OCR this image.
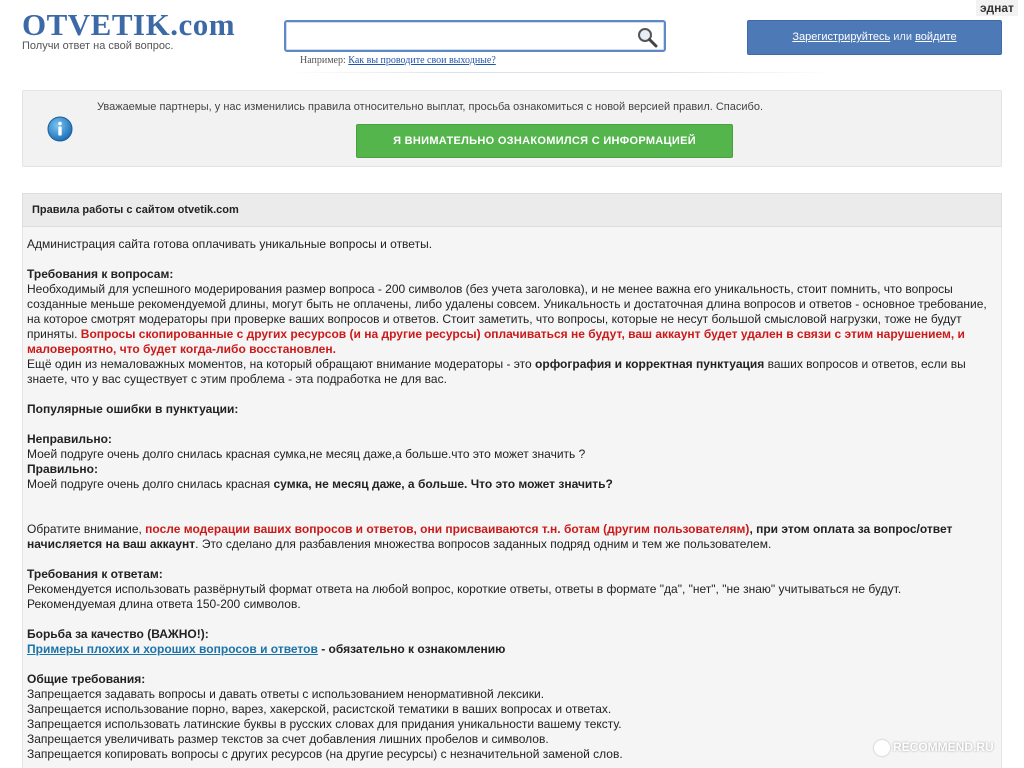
OTVETIK.com
Получи ответ на свой вопрос.
Например: Как вы проводите свои выходные?
Зарегистрируйтесь или войдите
эднат
Уважаемые партнеры, у нас изменились правила относительно выплат, просьба ознакомиться с новой версией правил. Спасибо.
Я ВНИМАТЕЛЬНО ОЗНАКОМИЛСЯ С ИНФОРМАЦИЕЙ
Правила работы с сайтом otvetik.com

Администрация сайта готова оплачивать уникальные вопросы и ответы.

Требования к вопросам:

Необходимый для успешного модерирования размер вопроса - 200 символов (без учета заголовка), и не менее важна его уникальность, стоит помнить, что вопросы созданные меньше рекомендуемой длины, могут быть не оплачены, либо удалены совсем. Уникальность и достаточная длина вопросов и ответов - основное требование, на которое смотрят модераторы при проверке ваших вопросов и ответов. Стоит заметить, что вопросы, которые не несут большой смысловой нагрузки, тоже не будут приняты. Вопросы скопированные с других ресурсов (и на другие ресурсы) оплачиваться не будут, ваш аккаунт будет удален в связи с этим нарушением, и маловероятно, что будет когда-либо восстановлен.

Ещё один из немаловажных моментов, на который обращают внимание модераторы - это орфография и корректная пунктуация ваших вопросов и ответов, если вы знаете, что у вас существует с этим проблема - эта подработка не для вас.

Популярные ошибки в пунктуации:

Неправильно:

Моей подруге очень долго снилась красная сумка,не месяц даже,а больше.что это может значить ?

Правильно:

Моей подруге очень долго снилась красная сумка, не месяц даже, а больше. Что это может значить?

Обратите внимание, после модерации ваших вопросов и ответов, они присваиваются т.н. ботам (другим пользователям), при этом оплата за вопрос/ответ начисляется на ваш аккаунт. Это сделано для разбавления множества вопросов заданных подряд одним и тем же пользователем.

Требования к ответам:

Рекомендуется использовать развёрнутый формат ответа на любой вопрос, короткие ответы, ответы в формате "да", "нет", "не знаю" учитываться не будут.

Рекомендуемая длина ответа 150-200 символов.

Борьба за качество (ВАЖНО!):

Примеры плохих и хороших вопросов и ответов - обязательно к ознакомлению

Общие требования:

Запрещается задавать вопросы и давать ответы с использованием ненормативной лексики.

Запрещается использование порно, варез, хакерской, расистской тематики в ваших вопросах и ответах.

Запрещается использовать латинские буквы в русских словах для придания уникальности вашему тексту.

Запрещается увеличивать размер текстов за счет добавления лишних пробелов и символов.

Запрещается копировать вопросы с других ресурсов (на другие ресурсы) с незначительной заменой слов.	RECOMMEND.RU
